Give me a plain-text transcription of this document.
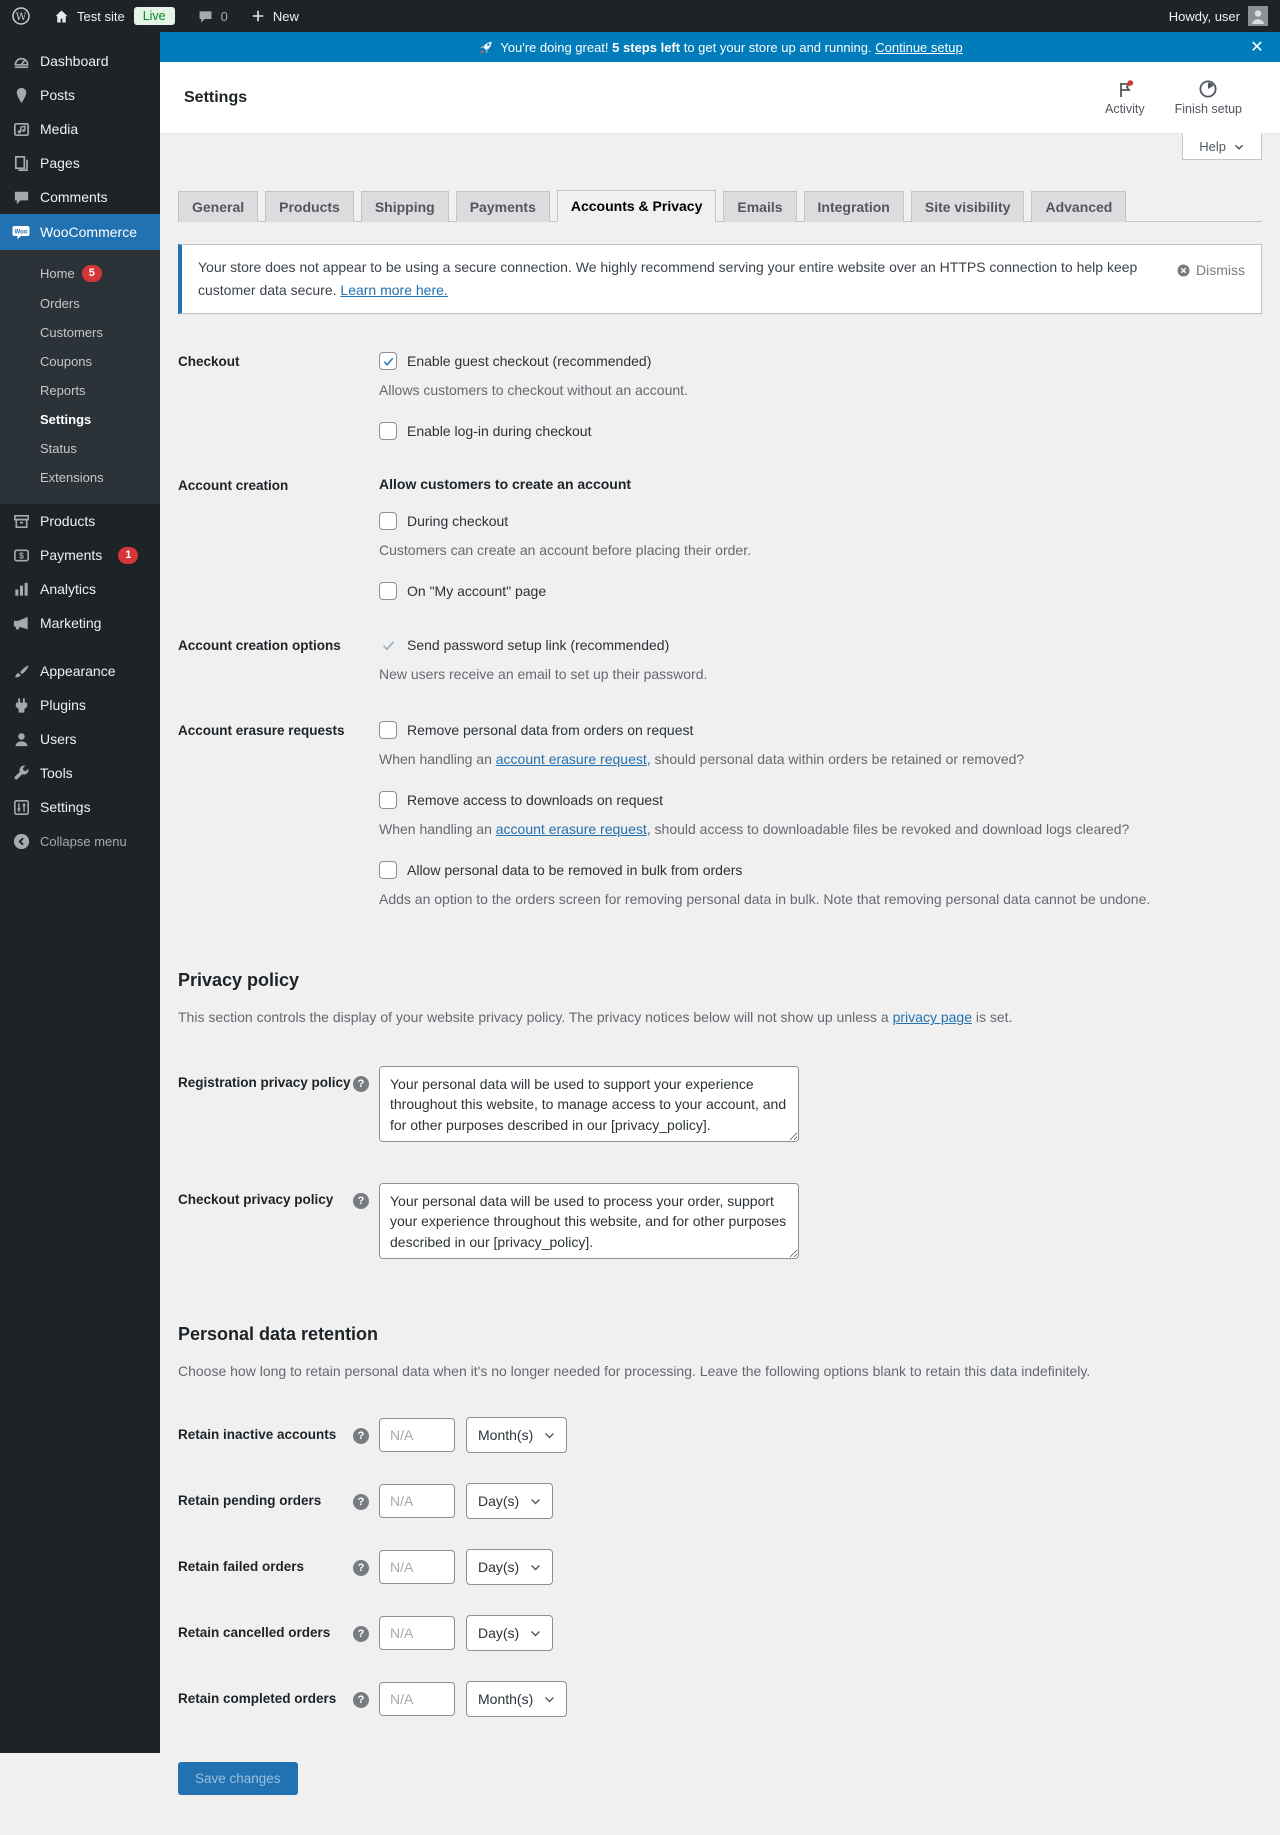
W	Test site	Live	0	New	Howdy, user
Dashboard
Posts
Media
Pages
Comments
Woo WooCommerce
Home	5
Orders
Customers
Coupons
Reports
Settings
Status
Extensions
Products
$ Payments	1
Analytics
Marketing
Appearance
Plugins
Users
Tools
Settings
Collapse menu
You're doing great! 5 steps left to get your store up and running. Continue setup	✕
Settings
Activity Finish setup
Help
General	Products	Shipping	Payments	Accounts & Privacy	Emails	Integration	Site visibility	Advanced
Your store does not appear to be using a secure connection. We highly recommend serving your entire website over an HTTPS connection to help keep customer data secure. Learn more here.
Dismiss
Checkout	Enable guest checkout (recommended)

Allows customers to checkout without an account.

Enable log-in during checkout
Account creation	Allow customers to create an account
During checkout

Customers can create an account before placing their order.

On "My account" page
Account creation options	Send password setup link (recommended)

New users receive an email to set up their password.

Account erasure requests	Remove personal data from orders on request

When handling an account erasure request, should personal data within orders be retained or removed?

Remove access to downloads on request

When handling an account erasure request, should access to downloadable files be revoked and download logs cleared?

Allow personal data to be removed in bulk from orders

Adds an option to the orders screen for removing personal data in bulk. Note that removing personal data cannot be undone.

Privacy policy

This section controls the display of your website privacy policy. The privacy notices below will not show up unless a privacy page is set.

Registration privacy policy ?
Your personal data will be used to support your experience throughout this website, to manage access to your account, and for other purposes described in our [privacy_policy].
Checkout privacy policy	?
Your personal data will be used to process your order, support your experience throughout this website, and for other purposes described in our [privacy_policy].
Personal data retention

Choose how long to retain personal data when it's no longer needed for processing. Leave the following options blank to retain this data indefinitely.

Retain inactive accounts	?
N/A	Month(s)
Retain pending orders	?
N/A	Day(s)
Retain failed orders	?
N/A	Day(s)
Retain cancelled orders	?
N/A	Day(s)
Retain completed orders	?
N/A	Month(s)
Save changes
